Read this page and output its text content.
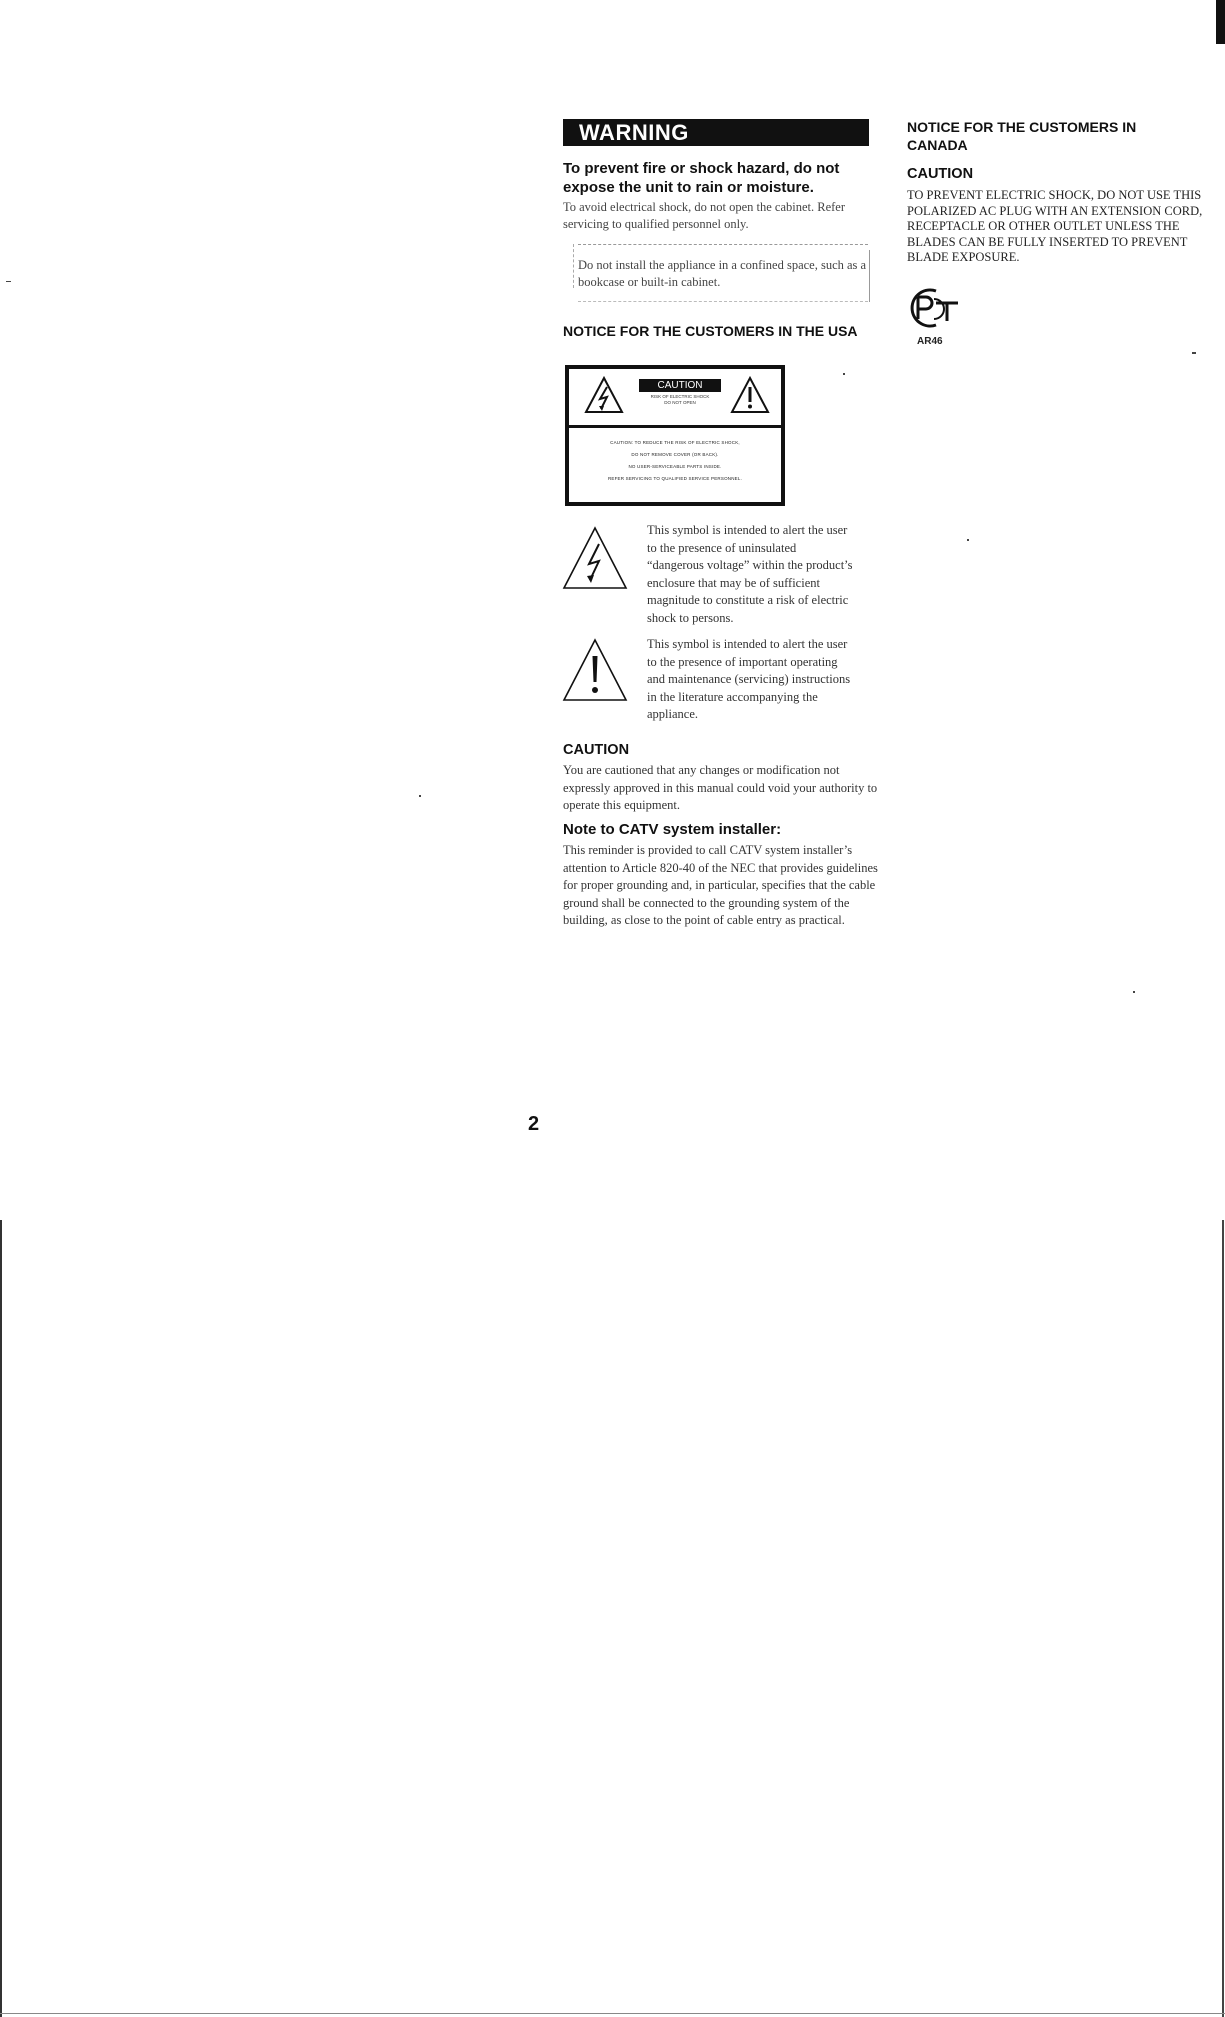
WARNING
To prevent fire or shock hazard, do not expose the unit to rain or moisture.
To avoid electrical shock, do not open the cabinet. Refer servicing to qualified personnel only.
Do not install the appliance in a confined space, such as a bookcase or built-in cabinet.
NOTICE FOR THE CUSTOMERS IN THE USA
CAUTION
RISK OF ELECTRIC SHOCK
DO NOT OPEN
CAUTION: TO REDUCE THE RISK OF ELECTRIC SHOCK,
DO NOT REMOVE COVER (OR BACK).
NO USER-SERVICEABLE PARTS INSIDE.
REFER SERVICING TO QUALIFIED SERVICE PERSONNEL.
This symbol is intended to alert the user to the presence of uninsulated “dangerous voltage” within the product’s enclosure that may be of sufficient magnitude to constitute a risk of electric shock to persons.
This symbol is intended to alert the user to the presence of important operating and maintenance (servicing) instructions in the literature accompanying the appliance.
CAUTION
You are cautioned that any changes or modification not expressly approved in this manual could void your authority to operate this equipment.
Note to CATV system installer:
This reminder is provided to call CATV system installer’s attention to Article 820-40 of the NEC that provides guidelines for proper grounding and, in particular, specifies that the cable ground shall be connected to the grounding system of the building, as close to the point of cable entry as practical.
2
NOTICE FOR THE CUSTOMERS IN CANADA
CAUTION
TO PREVENT ELECTRIC SHOCK, DO NOT USE THIS POLARIZED AC PLUG WITH AN EXTENSION CORD, RECEPTACLE OR OTHER OUTLET UNLESS THE BLADES CAN BE FULLY INSERTED TO PREVENT BLADE EXPOSURE.
AR46
